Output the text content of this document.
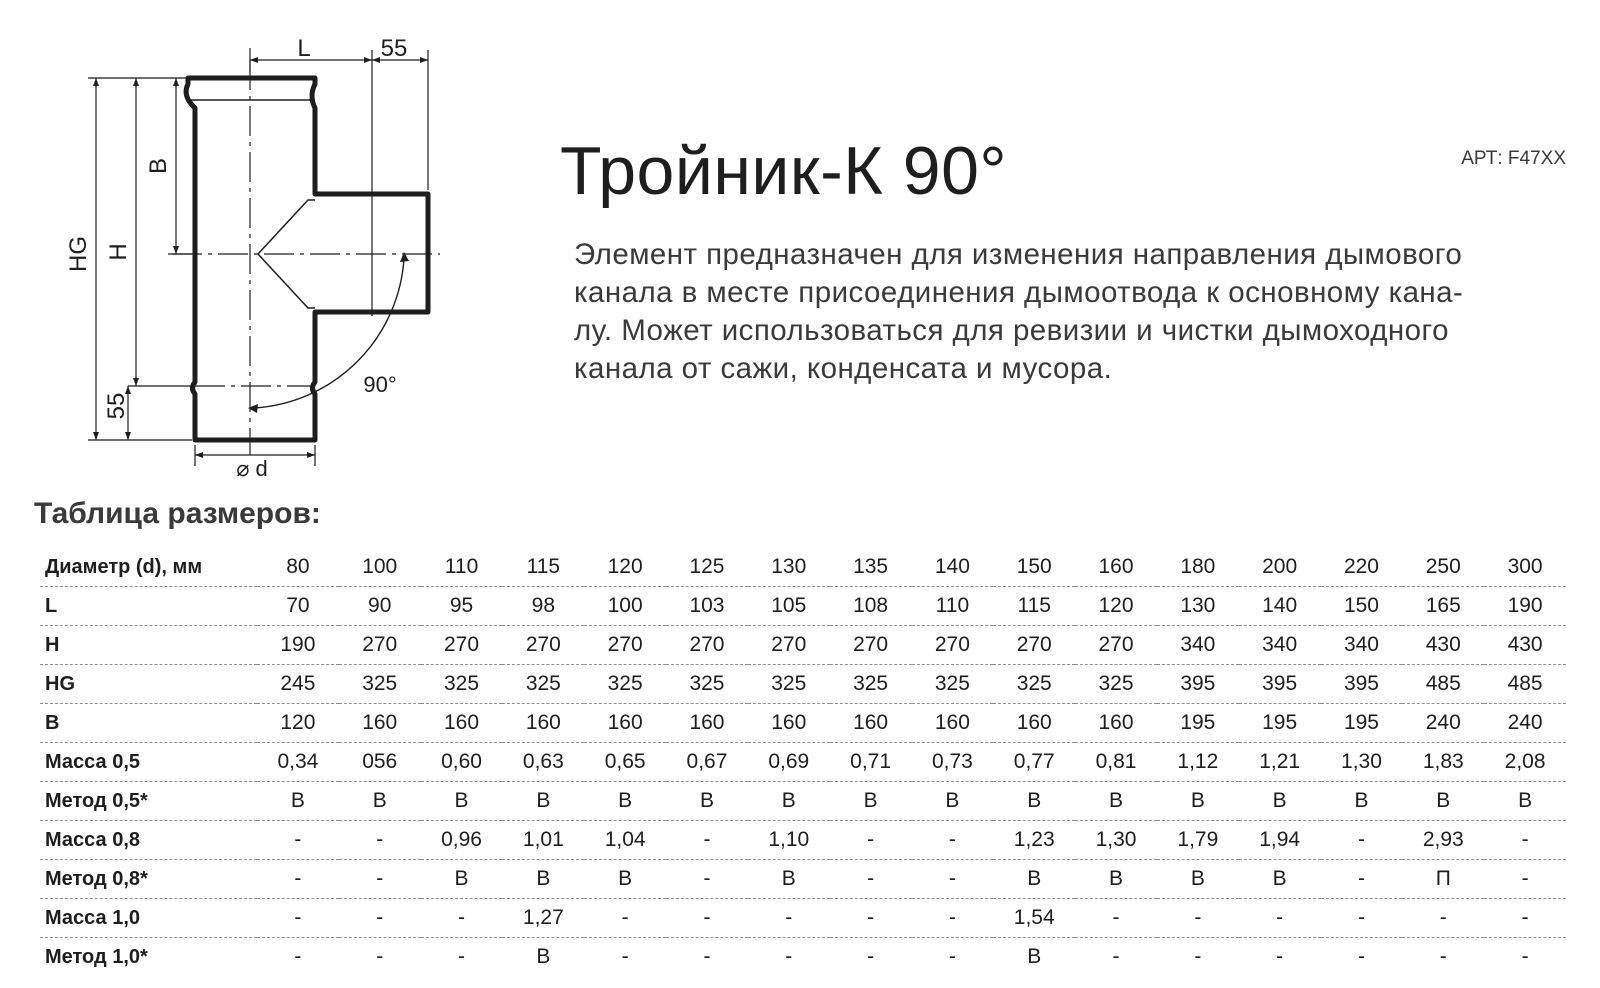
L	55
HG H
B
55
90°
⌀ d
Тройник-К 90°	АРТ: F47XX

Элемент предназначен для изменения направления дымового
канала в месте присоединения дымоотвода к основному кана-
лу. Может использоваться для ревизии и чистки дымоходного
канала от сажи, конденсата и мусора.

Таблица размеров:
Диаметр (d), мм	80	100	110	115	120	125	130	135	140	150	160	180	200	220	250	300
L	70	90	95	98	100	103	105	108	110	115	120	130	140	150	165	190
H	190	270	270	270	270	270	270	270	270	270	270	340	340	340	430	430
HG	245	325	325	325	325	325	325	325	325	325	325	395	395	395	485	485
B	120	160	160	160	160	160	160	160	160	160	160	195	195	195	240	240
Масса 0,5	0,34	056	0,60	0,63	0,65	0,67	0,69	0,71	0,73	0,77	0,81	1,12	1,21	1,30	1,83	2,08
Метод 0,5*	В	В	В	В	В	В	В	В	В	В	В	В	В	В	В	В
Масса 0,8	-	-	0,96	1,01	1,04	-	1,10	-	-	1,23	1,30	1,79	1,94	-	2,93	-
Метод 0,8*	-	-	В	В	В	-	В	-	-	В	В	В	В	-	П	-
Масса 1,0	-	-	-	1,27	-	-	-	-	-	1,54	-	-	-	-	-	-
Метод 1,0*	-	-	-	В	-	-	-	-	-	В	-	-	-	-	-	-
